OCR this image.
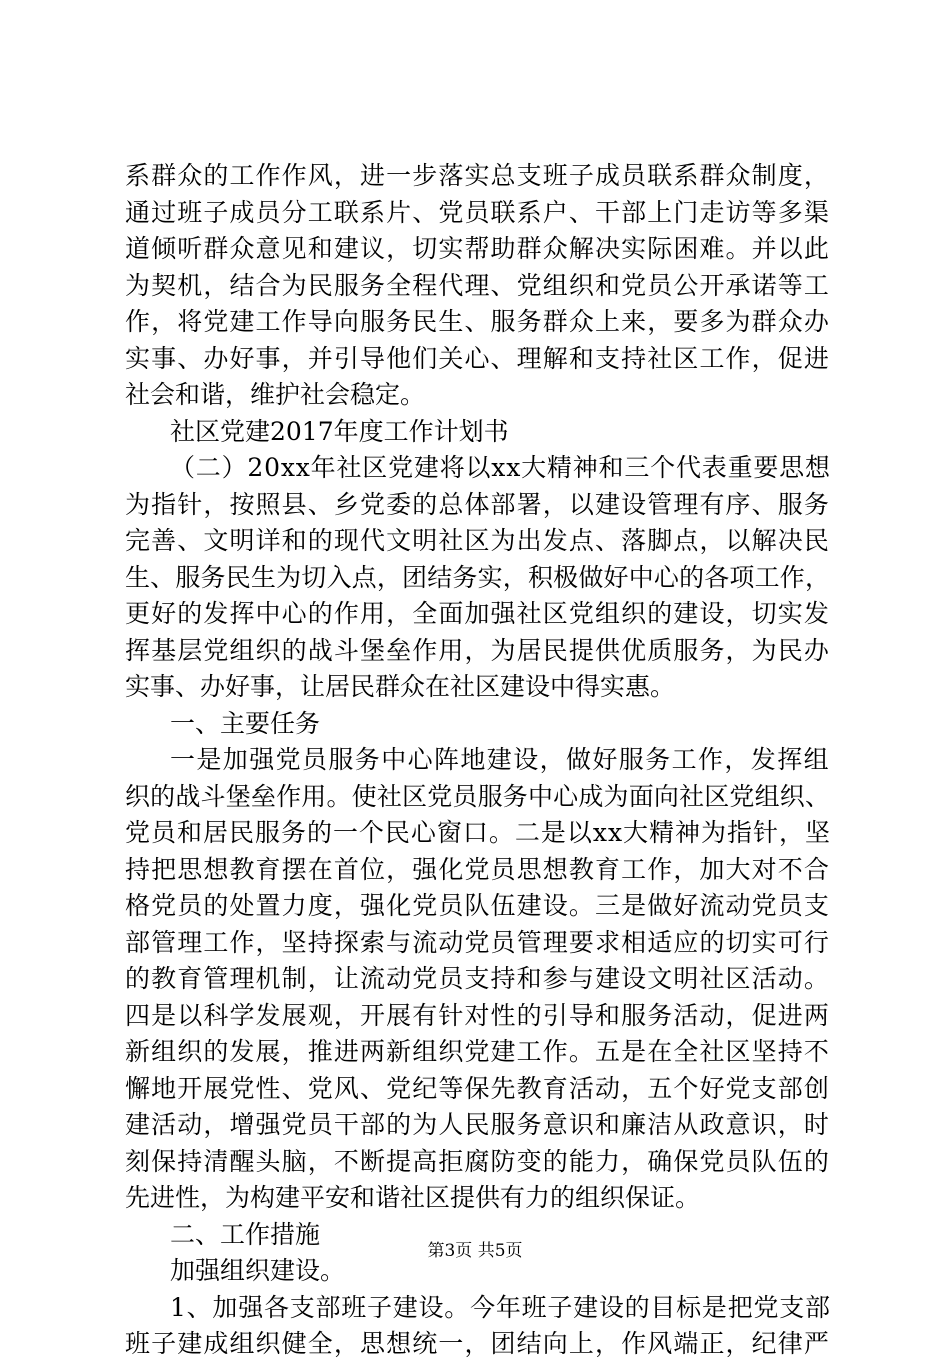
系群众的工作作风，进一步落实总支班子成员联系群众制度，
通过班子成员分工联系片、党员联系户、干部上门走访等多渠
道倾听群众意见和建议，切实帮助群众解决实际困难。并以此
为契机，结合为民服务全程代理、党组织和党员公开承诺等工
作，将党建工作导向服务民生、服务群众上来，要多为群众办
实事、办好事，并引导他们关心、理解和支持社区工作，促进
社会和谐，维护社会稳定。
社区党建2017年度工作计划书
（二）20xx年社区党建将以xx大精神和三个代表重要思想
为指针，按照县、乡党委的总体部署，以建设管理有序、服务
完善、文明详和的现代文明社区为出发点、落脚点，以解决民
生、服务民生为切入点，团结务实，积极做好中心的各项工作，
更好的发挥中心的作用，全面加强社区党组织的建设，切实发
挥基层党组织的战斗堡垒作用，为居民提供优质服务，为民办
实事、办好事，让居民群众在社区建设中得实惠。
一、主要任务
一是加强党员服务中心阵地建设，做好服务工作，发挥组
织的战斗堡垒作用。使社区党员服务中心成为面向社区党组织、
党员和居民服务的一个民心窗口。二是以xx大精神为指针，坚
持把思想教育摆在首位，强化党员思想教育工作，加大对不合
格党员的处置力度，强化党员队伍建设。三是做好流动党员支
部管理工作，坚持探索与流动党员管理要求相适应的切实可行
的教育管理机制，让流动党员支持和参与建设文明社区活动。
四是以科学发展观，开展有针对性的引导和服务活动，促进两
新组织的发展，推进两新组织党建工作。五是在全社区坚持不
懈地开展党性、党风、党纪等保先教育活动，五个好党支部创
建活动，增强党员干部的为人民服务意识和廉洁从政意识，时
刻保持清醒头脑，不断提高拒腐防变的能力，确保党员队伍的
先进性，为构建平安和谐社区提供有力的组织保证。
二、工作措施
加强组织建设。
1、加强各支部班子建设。今年班子建设的目标是把党支部
班子建成组织健全，思想统一，团结向上，作风端正，纪律严
第3页 共5页
